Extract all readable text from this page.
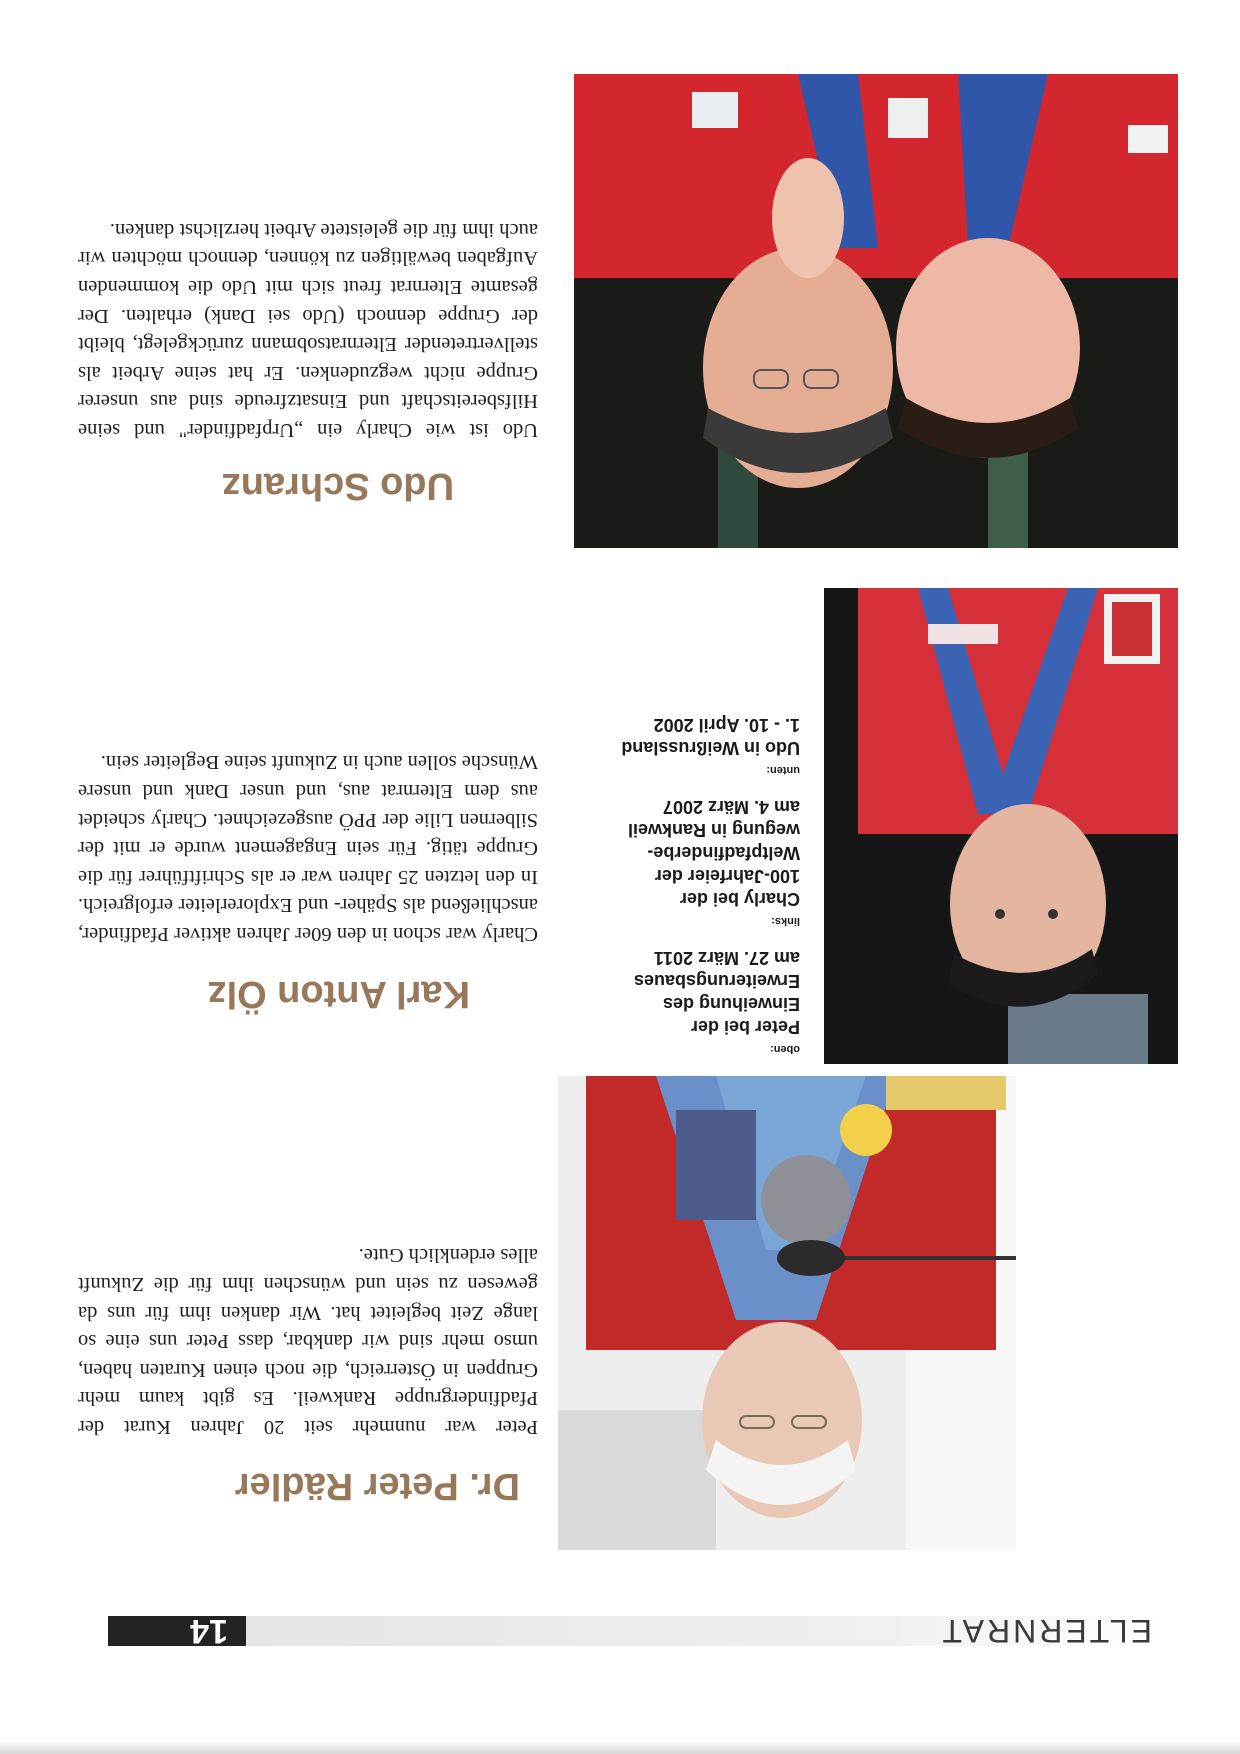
ELTERNRAT
14
Dr. Peter Rädler
Peter war nunmehr seit 20 Jahren Kurat der Pfadfindergruppe Rankweil. Es gibt kaum mehr Gruppen in Österreich, die noch einen Kuraten haben, umso mehr sind wir dankbar, dass Peter uns eine so lange Zeit begleitet hat. Wir danken ihm für uns da gewesen zu sein und wünschen ihm für die Zukunft alles erdenklich Gute.
Karl Anton Ölz
Charly war schon in den 60er Jahren aktiver Pfadfinder, anschließend als Späher- und Explorerleiter erfolgreich. In den letzten 25 Jahren war er als Schriftführer für die Gruppe tätig. Für sein Engagement wurde er mit der Silbernen Lilie der PPÖ ausgezeichnet. Charly scheidet aus dem Elternrat aus, und unser Dank und unsere Wünsche sollen auch in Zukunft seine Begleiter sein.
oben:
Peter bei der
Einweihung des
Erweiterungsbaues
am 27. März 2011
links:
Charly bei der
100-Jahrfeier der
Weltpfadfinderbe-
wegung in Rankweil
am 4. März 2007
unten:
Udo in Weißrussland
1. - 10. April 2002
Udo Schranz
Udo ist wie Charly ein „Urpfadfinder" und seine Hilfsbereitschaft und Einsatzfreude sind aus unserer Gruppe nicht wegzudenken. Er hat seine Arbeit als stellvertretender Elternratsobmann zurückgelegt, bleibt der Gruppe dennoch (Udo sei Dank) erhalten. Der gesamte Elternrat freut sich mit Udo die kommenden Aufgaben bewältigen zu können, dennoch möchten wir auch ihm für die geleistete Arbeit herzlichst danken.
